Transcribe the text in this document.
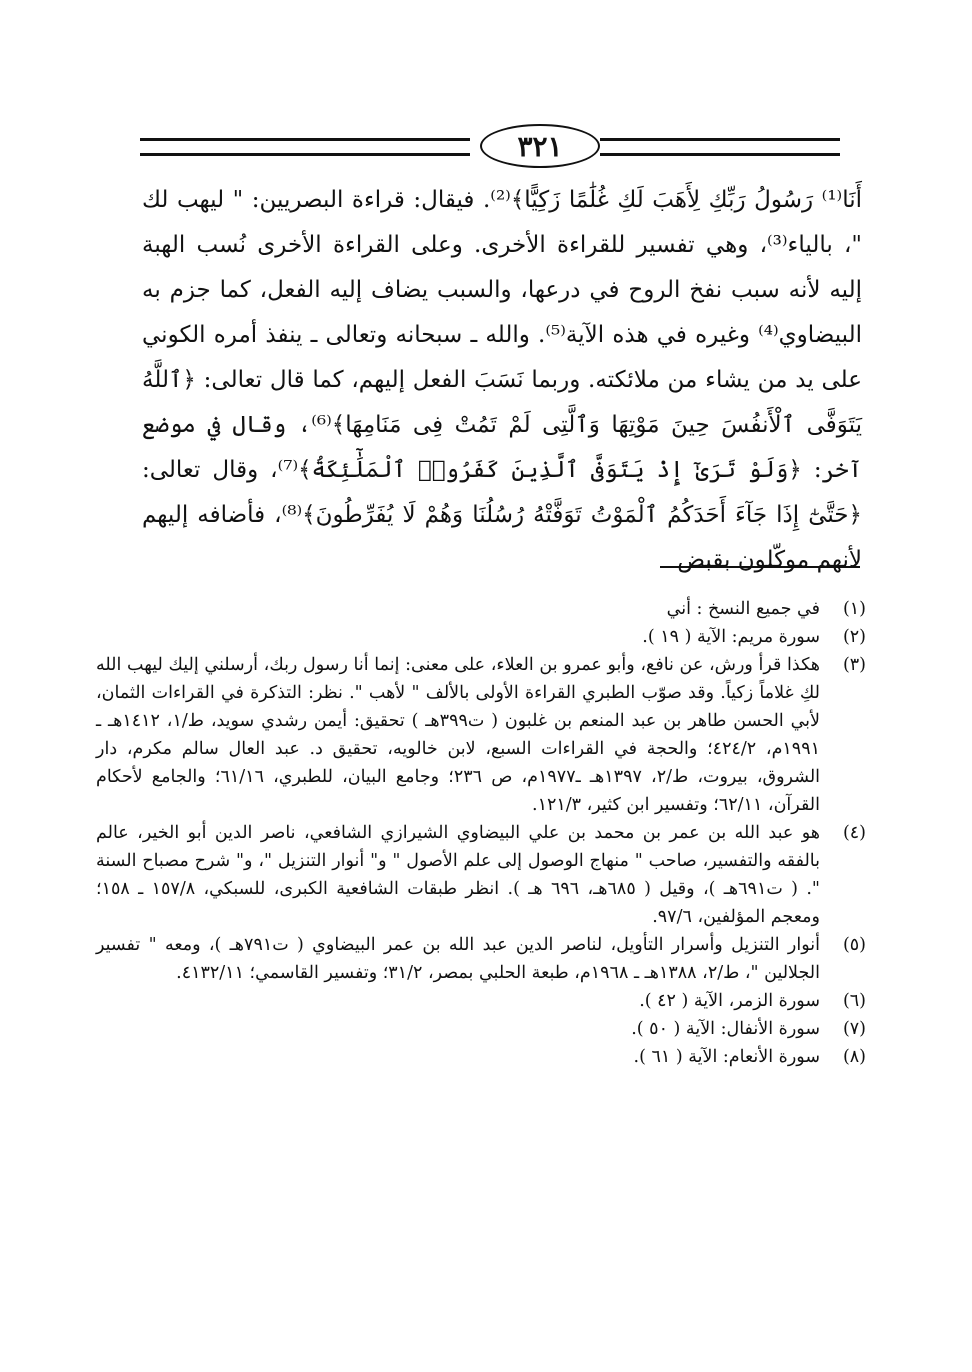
٣٢١

أَنَا⁽¹⁾ رَسُولُ رَبِّكِ لِأَهَبَ لَكِ غُلَٰمًا زَكِيًّا﴾⁽²⁾. فيقال: قراءة البصريين: " ليهب لك "، بالياء⁽³⁾، وهي تفسير للقراءة الأخرى. وعلى القراءة الأخرى نُسب الهبة إليه لأنه سبب نفخ الروح في درعها، والسبب يضاف إليه الفعل، كما جزم به البيضاوي⁽⁴⁾ وغيره في هذه الآية⁽⁵⁾. والله ـ سبحانه وتعالى ـ ينفذ أمره الكوني على يد من يشاء من ملائكته. وربما نَسَبَ الفعل إليهم، كما قال تعالى: ﴿ٱللَّهُ يَتَوَفَّى ٱلْأَنفُسَ حِينَ مَوْتِهَا وَٱلَّتِى لَمْ تَمُتْ فِى مَنَامِهَا﴾⁽⁶⁾، وقال في موضع آخر: ﴿وَلَوْ تَرَىٰٓ إِذْ يَتَوَفَّى ٱلَّذِينَ كَفَرُوا۟ ٱلْمَلَٰٓئِكَةُ﴾⁽⁷⁾، وقال تعالى: ﴿حَتَّىٰٓ إِذَا جَآءَ أَحَدَكُمُ ٱلْمَوْتُ تَوَفَّتْهُ رُسُلُنَا وَهُمْ لَا يُفَرِّطُونَ﴾⁽⁸⁾، فأضافه إليهم لأنهم موكّلون بقبض

(١)في جميع النسخ : أني

(٢)سورة مريم: الآية ( ١٩ ).

(٣)هكذا قرأ ورش، عن نافع، وأبو عمرو بن العلاء، على معنى: إنما أنا رسول ربك، أرسلني إليك ليهب الله لكِ غلاماً زكياً. وقد صوّب الطبري القراءة الأولى بالألف " لأهب ". نظر: التذكرة في القراءات الثمان، لأبي الحسن طاهر بن عبد المنعم بن غلبون ( ت٣٩٩هـ ) تحقيق: أيمن رشدي سويد، ط/١، ١٤١٢هـ ـ ١٩٩١م، ٤٢٤/٢؛ والحجة في القراءات السبع، لابن خالويه، تحقيق د. عبد العال سالم مكرم، دار الشروق، بيروت، ط/٢، ١٣٩٧هـ ـ١٩٧٧م، ص ٢٣٦؛ وجامع البيان، للطبري، ٦١/١٦؛ والجامع لأحكام القرآن، ٦٢/١١؛ وتفسير ابن كثير، ١٢١/٣.

(٤)هو عبد الله بن عمر بن محمد بن علي البيضاوي الشيرازي الشافعي، ناصر الدين أبو الخير، عالم بالفقه والتفسير، صاحب " منهاج الوصول إلى علم الأصول " و" أنوار التنزيل "، و" شرح مصباح السنة ". ( ت٦٩١هـ )، وقيل ( ٦٨٥هـ، ٦٩٦ هـ ). انظر طبقات الشافعية الكبرى، للسبكي، ١٥٧/٨ ـ ١٥٨؛ ومعجم المؤلفين، ٩٧/٦.

(٥)أنوار التنزيل وأسرار التأويل، لناصر الدين عبد الله بن عمر البيضاوي ( ت٧٩١هـ )، ومعه " تفسير الجلالين "، ط/٢، ١٣٨٨هـ ـ ١٩٦٨م، طبعة الحلبي بمصر، ٣١/٢؛ وتفسير القاسمي؛ ٤١٣٢/١١.

(٦)سورة الزمر، الآية ( ٤٢ ).

(٧)سورة الأنفال: الآية ( ٥٠ ).

(٨)سورة الأنعام: الآية ( ٦١ ).
